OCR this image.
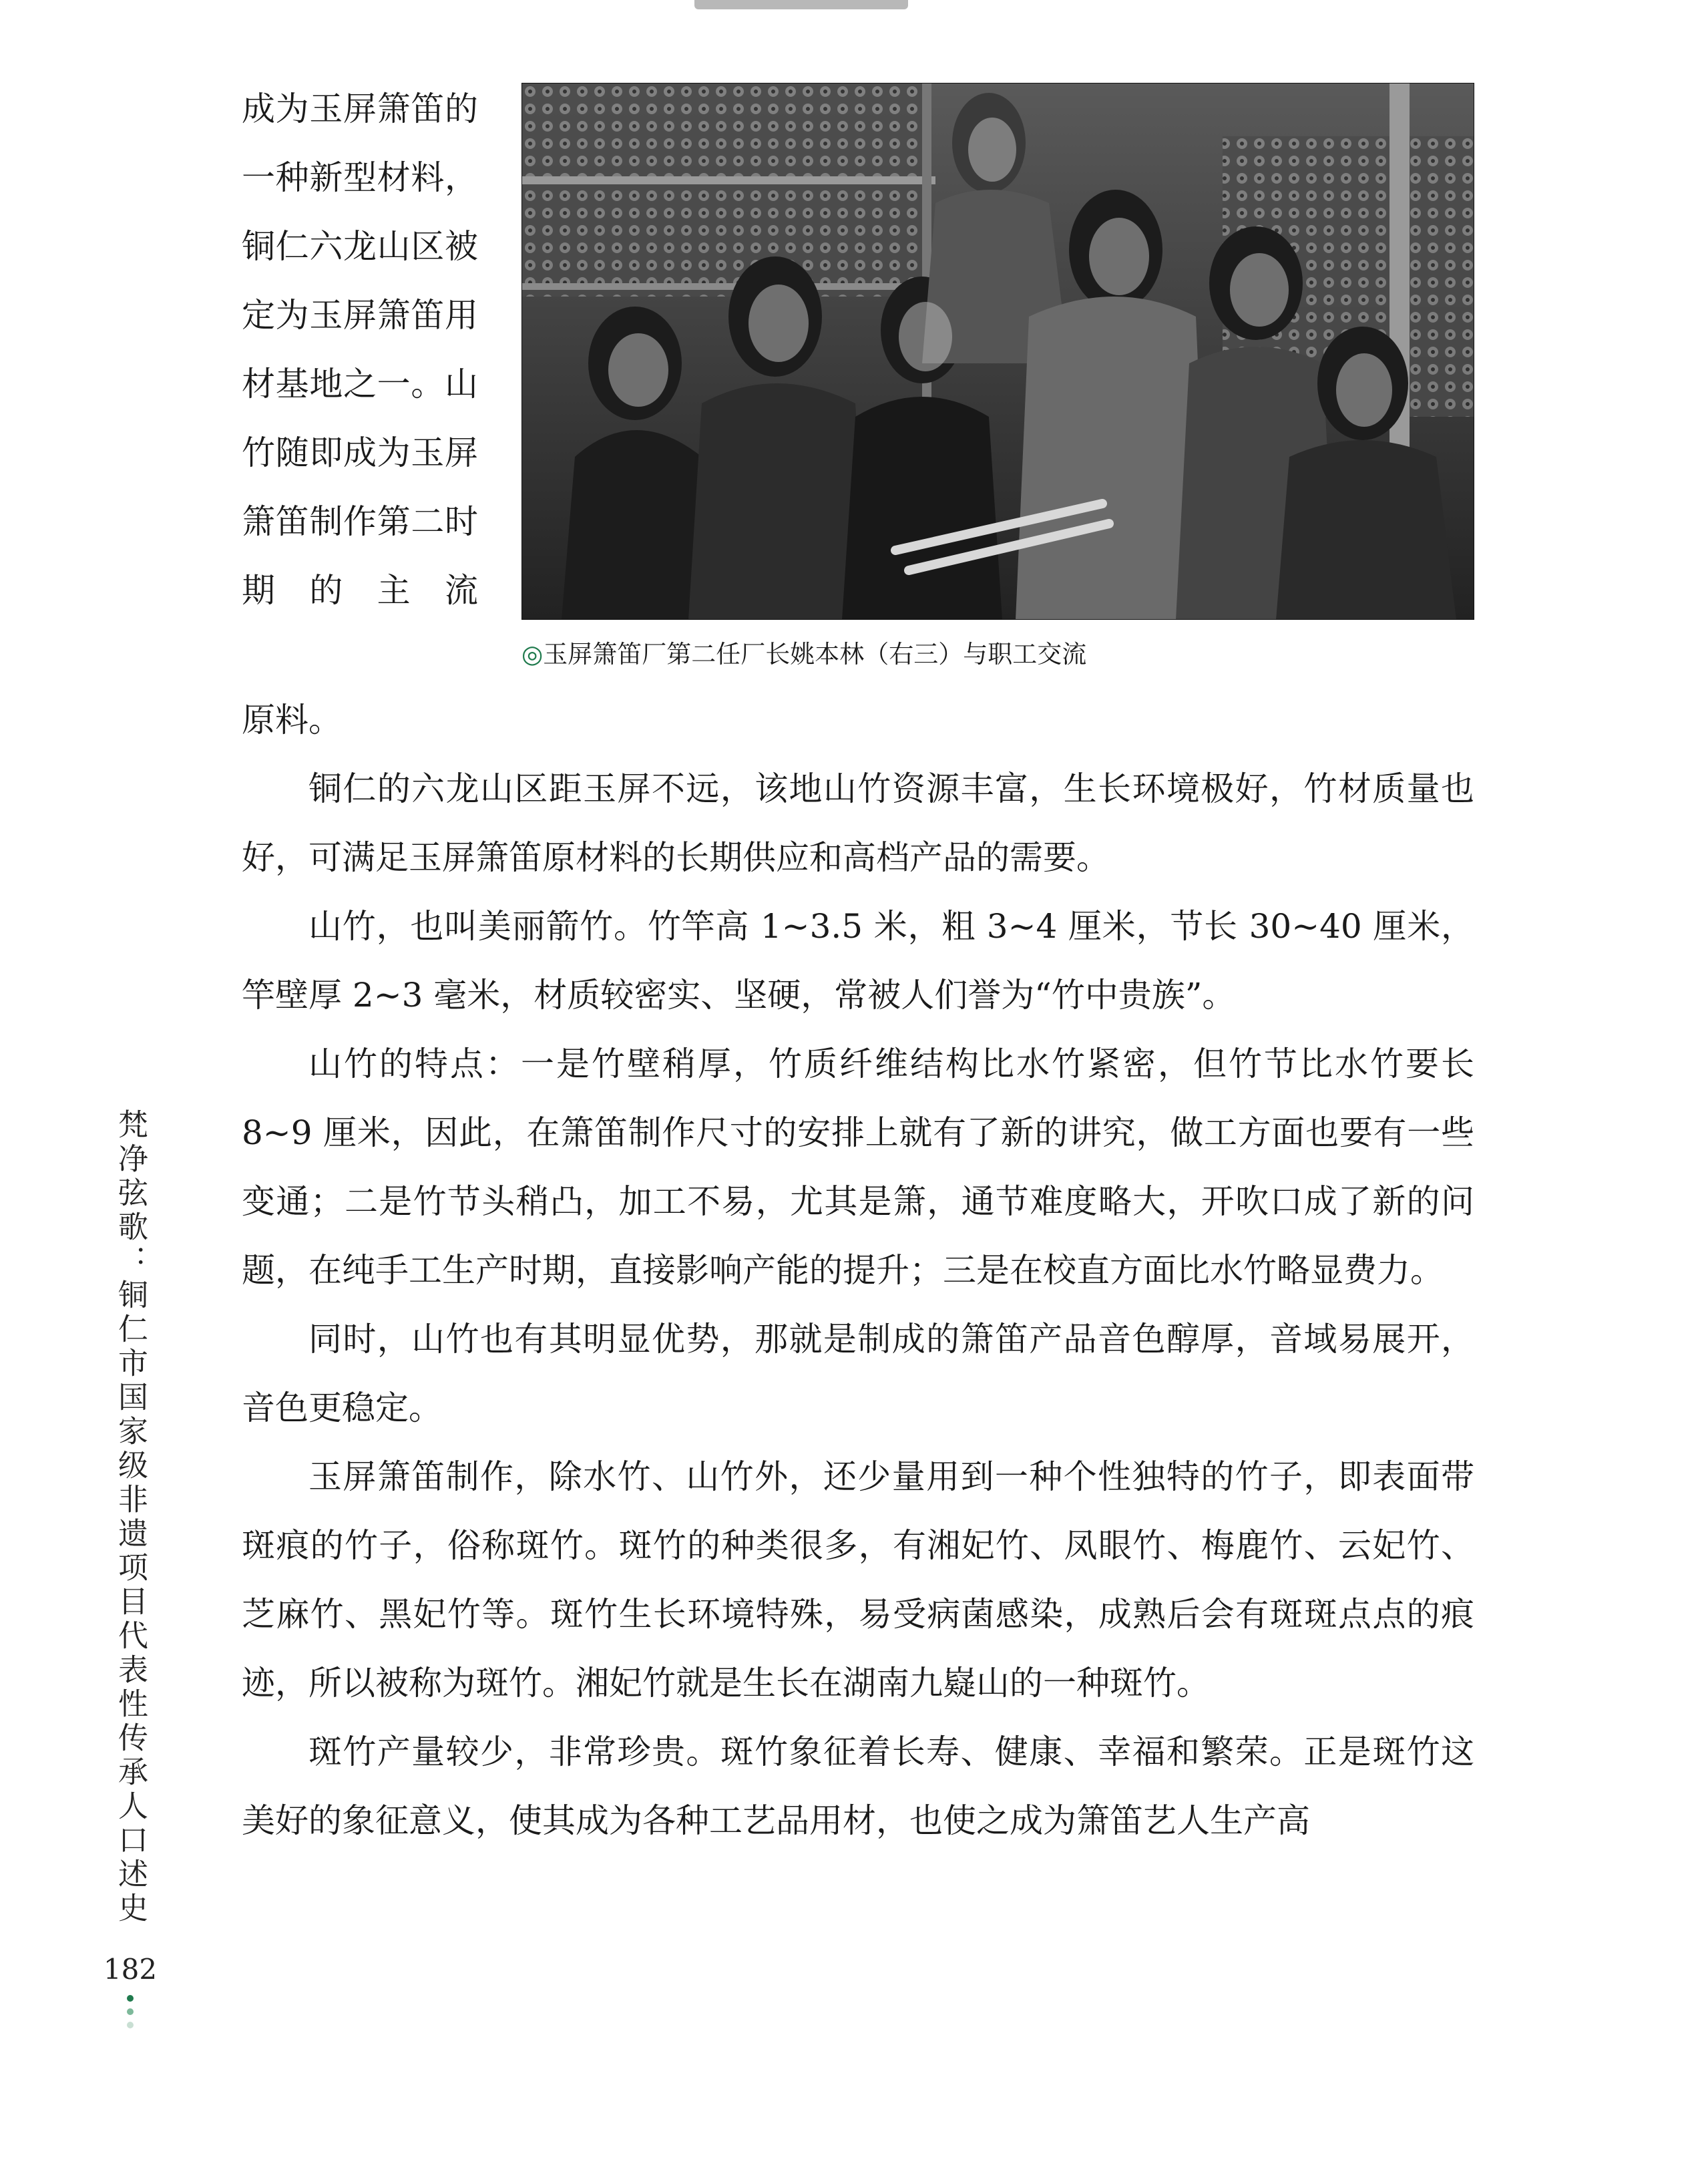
梵净弦歌：铜仁市国家级非遗项目代表性传承人口述史
182
成为玉屏箫笛的一种新型材料，铜仁六龙山区被定为玉屏箫笛用材基地之一。山竹随即成为玉屏箫笛制作第二时期的主流

◎玉屏箫笛厂第二任厂长姚本林（右三）与职工交流

原料。

铜仁的六龙山区距玉屏不远，该地山竹资源丰富，生长环境极好，竹材质量也好，可满足玉屏箫笛原材料的长期供应和高档产品的需要。

山竹，也叫美丽箭竹。竹竿高 1~3.5 米，粗 3~4 厘米，节长 30~40 厘米，竿壁厚 2~3 毫米，材质较密实、坚硬，常被人们誉为“竹中贵族”。

山竹的特点：一是竹壁稍厚，竹质纤维结构比水竹紧密，但竹节比水竹要长 8~9 厘米，因此，在箫笛制作尺寸的安排上就有了新的讲究，做工方面也要有一些变通；二是竹节头稍凸，加工不易，尤其是箫，通节难度略大，开吹口成了新的问题，在纯手工生产时期，直接影响产能的提升；三是在校直方面比水竹略显费力。

同时，山竹也有其明显优势，那就是制成的箫笛产品音色醇厚，音域易展开，音色更稳定。

玉屏箫笛制作，除水竹、山竹外，还少量用到一种个性独特的竹子，即表面带斑痕的竹子，俗称斑竹。斑竹的种类很多，有湘妃竹、凤眼竹、梅鹿竹、云妃竹、芝麻竹、黑妃竹等。斑竹生长环境特殊，易受病菌感染，成熟后会有斑斑点点的痕迹，所以被称为斑竹。湘妃竹就是生长在湖南九嶷山的一种斑竹。

斑竹产量较少，非常珍贵。斑竹象征着长寿、健康、幸福和繁荣。正是斑竹这美好的象征意义，使其成为各种工艺品用材，也使之成为箫笛艺人生产高
